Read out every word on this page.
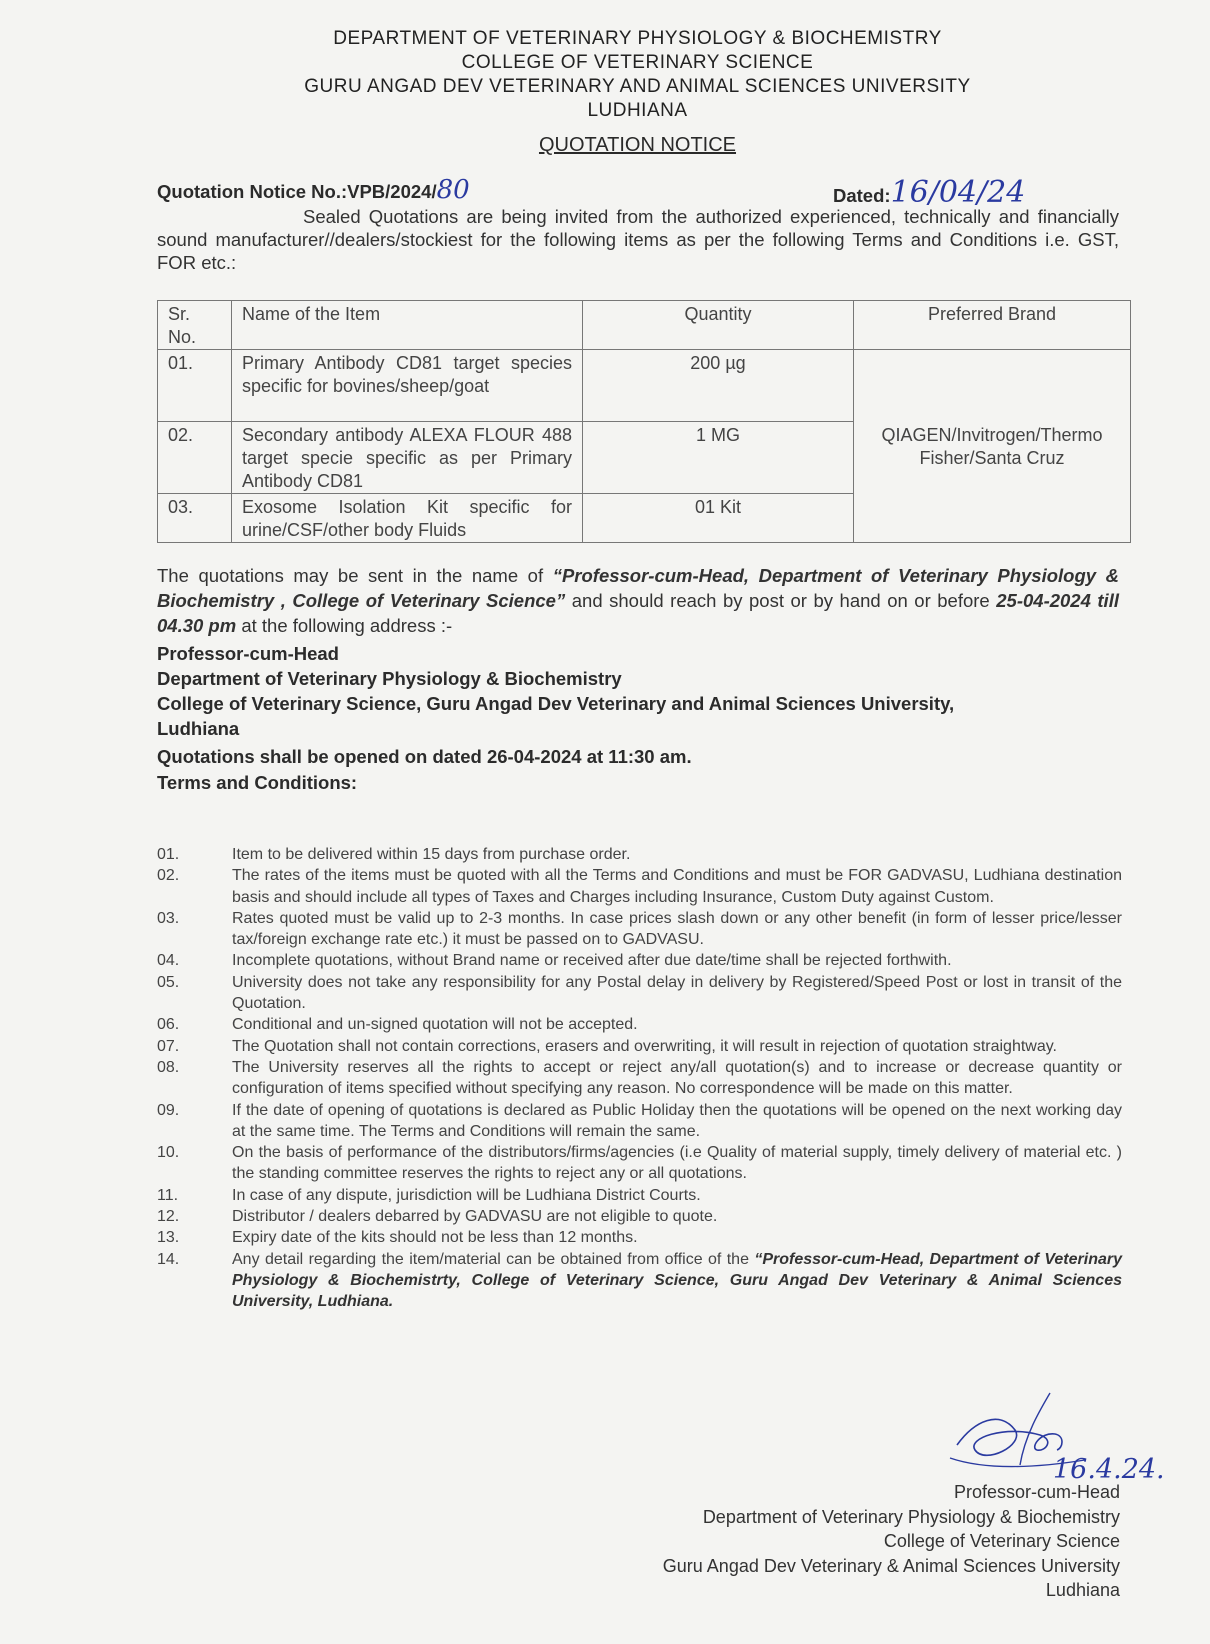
DEPARTMENT OF VETERINARY PHYSIOLOGY & BIOCHEMISTRY
COLLEGE OF VETERINARY SCIENCE
GURU ANGAD DEV VETERINARY AND ANIMAL SCIENCES UNIVERSITY
LUDHIANA
QUOTATION NOTICE
Quotation Notice No.:VPB/2024/80	Dated:16/04/24
Sealed Quotations are being invited from the authorized experienced, technically and financially sound manufacturer//dealers/stockiest for the following items as per the following Terms and Conditions i.e. GST, FOR etc.:
Sr. No.	Name of the Item	Quantity	Preferred Brand
01.	Primary Antibody CD81 target species specific for bovines/sheep/goat	200 µg	QIAGEN/Invitrogen/Thermo Fisher/Santa Cruz
02.	Secondary antibody ALEXA FLOUR 488 target specie specific as per Primary Antibody CD81	1 MG	
03.	Exosome Isolation Kit specific for urine/CSF/other body Fluids	01 Kit	
The quotations may be sent in the name of “Professor-cum-Head, Department of Veterinary Physiology & Biochemistry , College of Veterinary Science” and should reach by post or by hand on or before 25-04-2024 till 04.30 pm at the following address :-
Professor-cum-Head
Department of Veterinary Physiology & Biochemistry
College of Veterinary Science, Guru Angad Dev Veterinary and Animal Sciences University,
Ludhiana
Quotations shall be opened on dated 26-04-2024 at 11:30 am.
Terms and Conditions:
01.	Item to be delivered within 15 days from purchase order.
02.	The rates of the items must be quoted with all the Terms and Conditions and must be FOR GADVASU, Ludhiana destination basis and should include all types of Taxes and Charges including Insurance, Custom Duty against Custom.
03.	Rates quoted must be valid up to 2-3 months. In case prices slash down or any other benefit (in form of lesser price/lesser tax/foreign exchange rate etc.) it must be passed on to GADVASU.
04.	Incomplete quotations, without Brand name or received after due date/time shall be rejected forthwith.
05.	University does not take any responsibility for any Postal delay in delivery by Registered/Speed Post or lost in transit of the Quotation.
06.	Conditional and un-signed quotation will not be accepted.
07.	The Quotation shall not contain corrections, erasers and overwriting, it will result in rejection of quotation straightway.
08.	The University reserves all the rights to accept or reject any/all quotation(s) and to increase or decrease quantity or configuration of items specified without specifying any reason. No correspondence will be made on this matter.
09.	If the date of opening of quotations is declared as Public Holiday then the quotations will be opened on the next working day at the same time. The Terms and Conditions will remain the same.
10.	On the basis of performance of the distributors/firms/agencies (i.e Quality of material supply, timely delivery of material etc. ) the standing committee reserves the rights to reject any or all quotations.
11.	In case of any dispute, jurisdiction will be Ludhiana District Courts.
12.	Distributor / dealers debarred by GADVASU are not eligible to quote.
13.	Expiry date of the kits should not be less than 12 months.
14.	Any detail regarding the item/material can be obtained from office of the “Professor-cum-Head, Department of Veterinary Physiology & Biochemistrty, College of Veterinary Science, Guru Angad Dev Veterinary & Animal Sciences University, Ludhiana.
16.4.24.
Professor-cum-Head
Department of Veterinary Physiology & Biochemistry
College of Veterinary Science
Guru Angad Dev Veterinary & Animal Sciences University
Ludhiana
